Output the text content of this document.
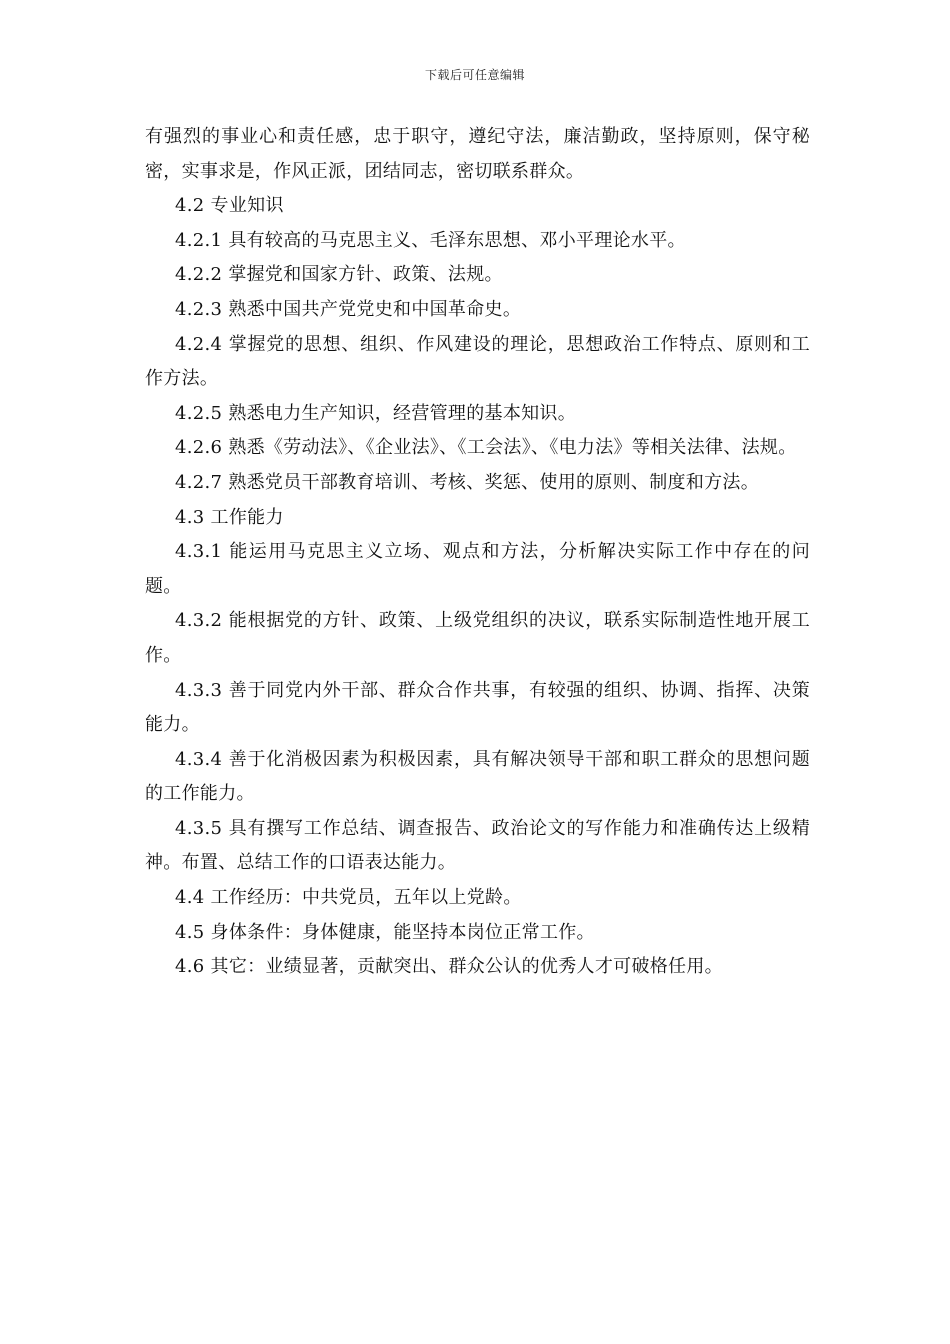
下载后可任意编辑

有强烈的事业心和责任感，忠于职守，遵纪守法，廉洁勤政，坚持原则，保守秘密，实事求是，作风正派，团结同志，密切联系群众。

4.2 专业知识

4.2.1 具有较高的马克思主义、毛泽东思想、邓小平理论水平。

4.2.2 掌握党和国家方针、政策、法规。

4.2.3 熟悉中国共产党党史和中国革命史。

4.2.4 掌握党的思想、组织、作风建设的理论，思想政治工作特点、原则和工作方法。

4.2.5 熟悉电力生产知识，经营管理的基本知识。

4.2.6 熟悉《劳动法》、《企业法》、《工会法》、《电力法》等相关法律、法规。

4.2.7 熟悉党员干部教育培训、考核、奖惩、使用的原则、制度和方法。

4.3 工作能力

4.3.1 能运用马克思主义立场、观点和方法，分析解决实际工作中存在的问题。

4.3.2 能根据党的方针、政策、上级党组织的决议，联系实际制造性地开展工作。

4.3.3 善于同党内外干部、群众合作共事，有较强的组织、协调、指挥、决策能力。

4.3.4 善于化消极因素为积极因素，具有解决领导干部和职工群众的思想问题的工作能力。

4.3.5 具有撰写工作总结、调查报告、政治论文的写作能力和准确传达上级精神。布置、总结工作的口语表达能力。

4.4 工作经历：中共党员，五年以上党龄。

4.5 身体条件：身体健康，能坚持本岗位正常工作。

4.6 其它：业绩显著，贡献突出、群众公认的优秀人才可破格任用。
